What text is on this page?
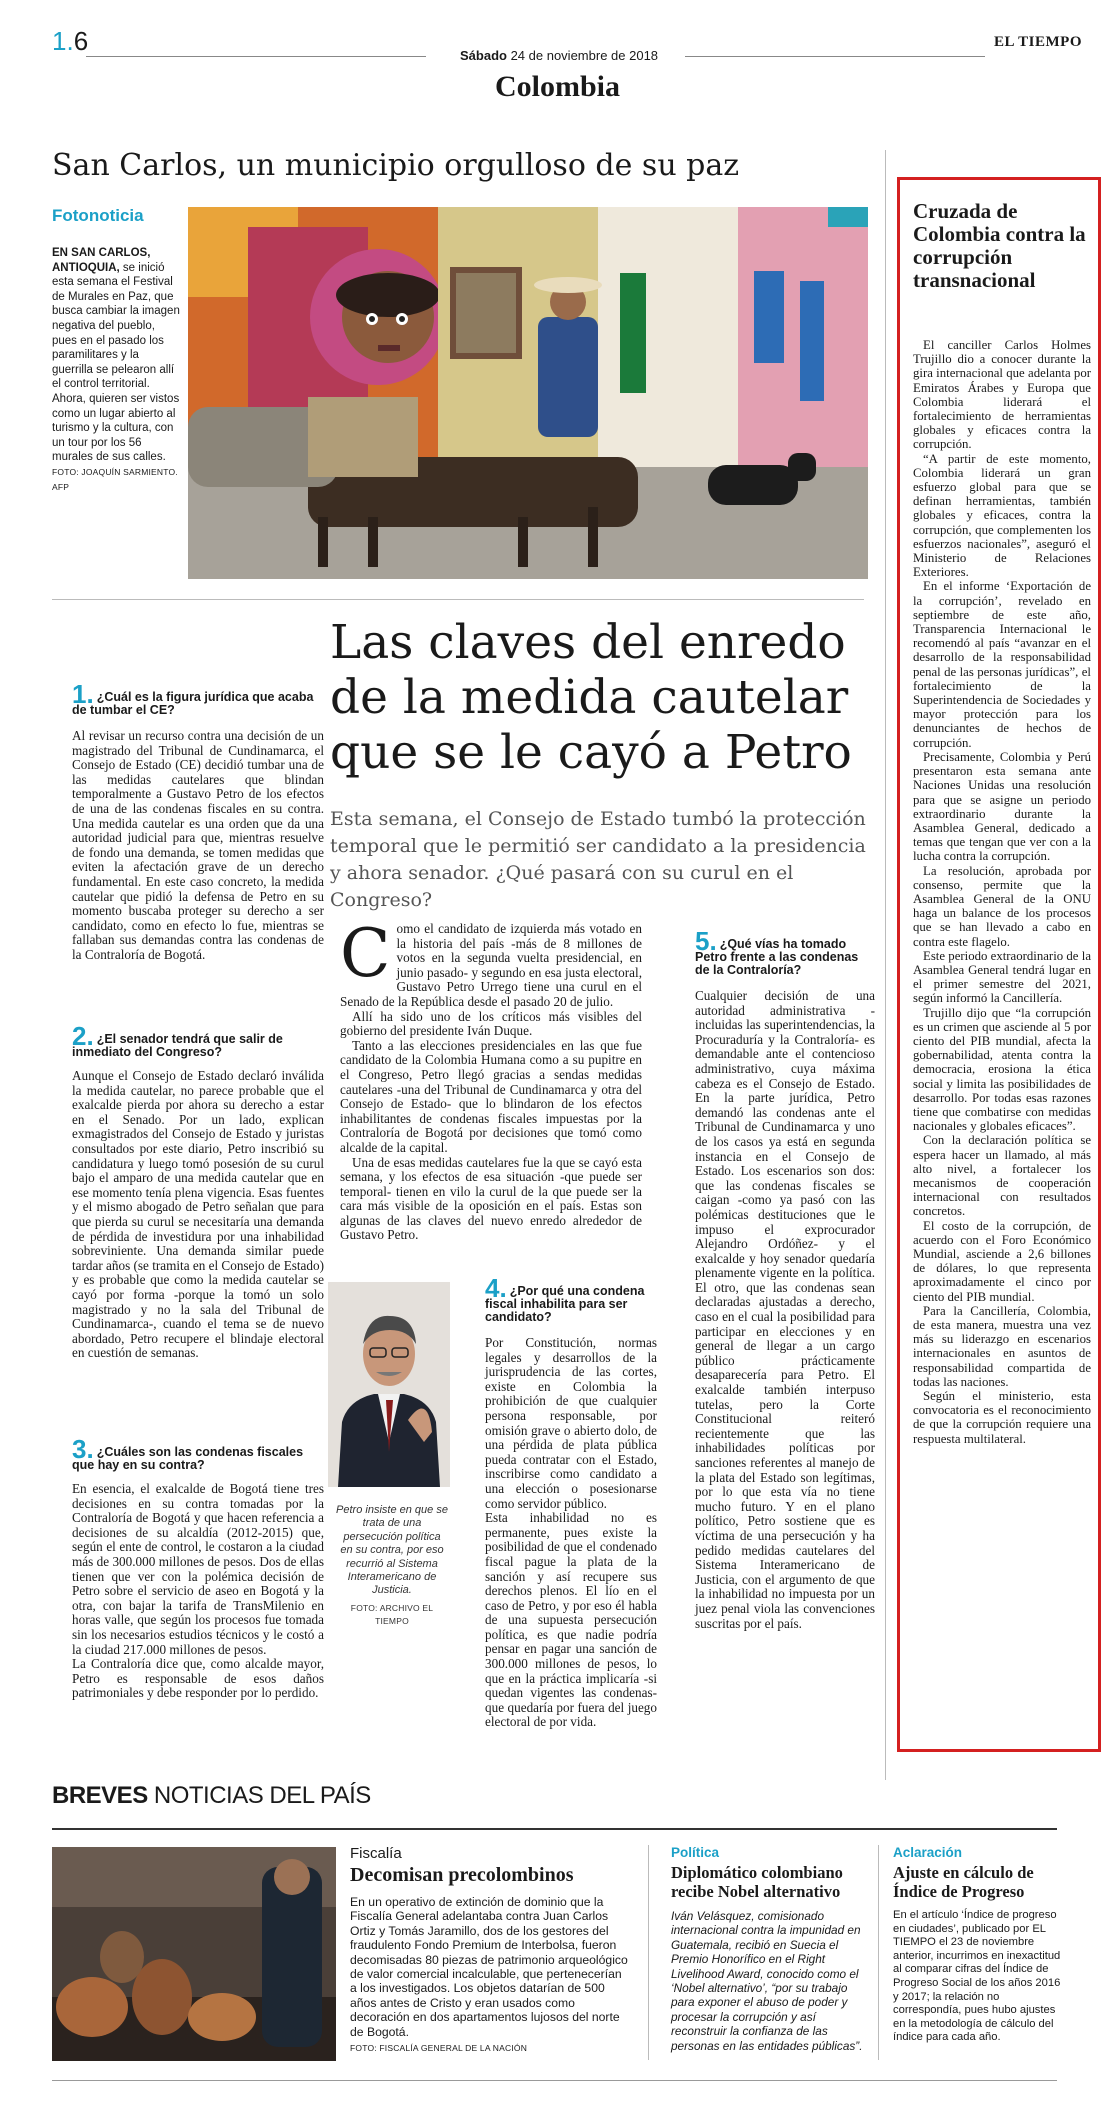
1.6	Sábado 24 de noviembre de 2018
EL TIEMPO
Colombia
San Carlos, un municipio orgulloso de su paz
Fotonoticia
EN SAN CARLOS, ANTIOQUIA, se inició esta semana el Festival de Murales en Paz, que busca cambiar la imagen negativa del pueblo, pues en el pasado los paramilitares y la guerrilla se pelearon allí el control territorial. Ahora, quieren ser vistos como un lugar abierto al turismo y la cultura, con un tour por los 56 murales de sus calles. FOTO: JOAQUÍN SARMIENTO. AFP
Las claves del enredo de la medida cautelar que se le cayó a Petro
Esta semana, el Consejo de Estado tumbó la protección temporal que le permitió ser candidato a la presidencia y ahora senador. ¿Qué pasará con su curul en el Congreso?
1. ¿Cuál es la figura jurídica que acaba de tumbar el CE?
Al revisar un recurso contra una decisión de un magistrado del Tribunal de Cundinamarca, el Consejo de Estado (CE) decidió tumbar una de las medidas cautelares que blindan temporalmente a Gustavo Petro de los efectos de una de las condenas fiscales en su contra. Una medida cautelar es una orden que da una autoridad judicial para que, mientras resuelve de fondo una demanda, se tomen medidas que eviten la afectación grave de un derecho fundamental. En este caso concreto, la medida cautelar que pidió la defensa de Petro en su momento buscaba proteger su derecho a ser candidato, como en efecto lo fue, mientras se fallaban sus demandas contra las condenas de la Contraloría de Bogotá.
2. ¿El senador tendrá que salir de inmediato del Congreso?
Aunque el Consejo de Estado declaró inválida la medida cautelar, no parece probable que el exalcalde pierda por ahora su derecho a estar en el Senado. Por un lado, explican exmagistrados del Consejo de Estado y juristas consultados por este diario, Petro inscribió su candidatura y luego tomó posesión de su curul bajo el amparo de una medida cautelar que en ese momento tenía plena vigencia. Esas fuentes y el mismo abogado de Petro señalan que para que pierda su curul se necesitaría una demanda de pérdida de investidura por una inhabilidad sobreviniente. Una demanda similar puede tardar años (se tramita en el Consejo de Estado) y es probable que como la medida cautelar se cayó por forma -porque la tomó un solo magistrado y no la sala del Tribunal de Cundinamarca-, cuando el tema se de nuevo abordado, Petro recupere el blindaje electoral en cuestión de semanas.
3. ¿Cuáles son las condenas fiscales que hay en su contra?
En esencia, el exalcalde de Bogotá tiene tres decisiones en su contra tomadas por la Contraloría de Bogotá y que hacen referencia a decisiones de su alcaldía (2012-2015) que, según el ente de control, le costaron a la ciudad más de 300.000 millones de pesos. Dos de ellas tienen que ver con la polémica decisión de Petro sobre el servicio de aseo en Bogotá y la otra, con bajar la tarifa de TransMilenio en horas valle, que según los procesos fue tomada sin los necesarios estudios técnicos y le costó a la ciudad 217.000 millones de pesos.
La Contraloría dice que, como alcalde mayor, Petro es responsable de esos daños patrimoniales y debe responder por lo perdido.
C omo el candidato de izquierda más votado en la historia del país -más de 8 millones de votos en la segunda vuelta presidencial, en junio pasado- y segundo en esa justa electoral, Gustavo Petro Urrego tiene una curul en el Senado de la República desde el pasado 20 de julio.
Allí ha sido uno de los críticos más visibles del gobierno del presidente Iván Duque.
Tanto a las elecciones presidenciales en las que fue candidato de la Colombia Humana como a su pupitre en el Congreso, Petro llegó gracias a sendas medidas cautelares -una del Tribunal de Cundinamarca y otra del Consejo de Estado- que lo blindaron de los efectos inhabilitantes de condenas fiscales impuestas por la Contraloría de Bogotá por decisiones que tomó como alcalde de la capital.
Una de esas medidas cautelares fue la que se cayó esta semana, y los efectos de esa situación -que puede ser temporal- tienen en vilo la curul de la que puede ser la cara más visible de la oposición en el país. Estas son algunas de las claves del nuevo enredo alrededor de Gustavo Petro.
Petro insiste en que se trata de una persecución política en su contra, por eso recurrió al Sistema Interamericano de Justicia.
FOTO: ARCHIVO EL TIEMPO
4. ¿Por qué una condena fiscal inhabilita para ser candidato?
Por Constitución, normas legales y desarrollos de la jurisprudencia de las cortes, existe en Colombia la prohibición de que cualquier persona responsable, por omisión grave o abierto dolo, de una pérdida de plata pública pueda contratar con el Estado, inscribirse como candidato a una elección o posesionarse como servidor público.
Esta inhabilidad no es permanente, pues existe la posibilidad de que el condenado fiscal pague la plata de la sanción y así recupere sus derechos plenos. El lío en el caso de Petro, y por eso él habla de una supuesta persecución política, es que nadie podría pensar en pagar una sanción de 300.000 millones de pesos, lo que en la práctica implicaría -si quedan vigentes las condenas- que quedaría por fuera del juego electoral de por vida.
5. ¿Qué vías ha tomado Petro frente a las condenas de la Contraloría?
Cualquier decisión de una autoridad administrativa -incluidas las superintendencias, la Procuraduría y la Contraloría- es demandable ante el contencioso administrativo, cuya máxima cabeza es el Consejo de Estado. En la parte jurídica, Petro demandó las condenas ante el Tribunal de Cundinamarca y uno de los casos ya está en segunda instancia en el Consejo de Estado. Los escenarios son dos: que las condenas fiscales se caigan -como ya pasó con las polémicas destituciones que le impuso el exprocurador Alejandro Ordóñez- y el exalcalde y hoy senador quedaría plenamente vigente en la política. El otro, que las condenas sean declaradas ajustadas a derecho, caso en el cual la posibilidad para participar en elecciones y en general de llegar a un cargo público prácticamente desaparecería para Petro. El exalcalde también interpuso tutelas, pero la Corte Constitucional reiteró recientemente que las inhabilidades políticas por sanciones referentes al manejo de la plata del Estado son legítimas, por lo que esta vía no tiene mucho futuro. Y en el plano político, Petro sostiene que es víctima de una persecución y ha pedido medidas cautelares del Sistema Interamericano de Justicia, con el argumento de que la inhabilidad no impuesta por un juez penal viola las convenciones suscritas por el país.
Cruzada de Colombia contra la corrupción transnacional
El canciller Carlos Holmes Trujillo dio a conocer durante la gira internacional que adelanta por Emiratos Árabes y Europa que Colombia liderará el fortalecimiento de herramientas globales y eficaces contra la corrupción.
“A partir de este momento, Colombia liderará un gran esfuerzo global para que se definan herramientas, también globales y eficaces, contra la corrupción, que complementen los esfuerzos nacionales”, aseguró el Ministerio de Relaciones Exteriores.
En el informe ‘Exportación de la corrupción’, revelado en septiembre de este año, Transparencia Internacional le recomendó al país “avanzar en el desarrollo de la responsabilidad penal de las personas jurídicas”, el fortalecimiento de la Superintendencia de Sociedades y mayor protección para los denunciantes de hechos de corrupción.
Precisamente, Colombia y Perú presentaron esta semana ante Naciones Unidas una resolución para que se asigne un periodo extraordinario durante la Asamblea General, dedicado a temas que tengan que ver con a la lucha contra la corrupción.
La resolución, aprobada por consenso, permite que la Asamblea General de la ONU haga un balance de los procesos que se han llevado a cabo en contra este flagelo.
Este periodo extraordinario de la Asamblea General tendrá lugar en el primer semestre del 2021, según informó la Cancillería.
Trujillo dijo que “la corrupción es un crimen que asciende al 5 por ciento del PIB mundial, afecta la gobernabilidad, atenta contra la democracia, erosiona la ética social y limita las posibilidades de desarrollo. Por todas esas razones tiene que combatirse con medidas nacionales y globales eficaces”.
Con la declaración política se espera hacer un llamado, al más alto nivel, a fortalecer los mecanismos de cooperación internacional con resultados concretos.
El costo de la corrupción, de acuerdo con el Foro Económico Mundial, asciende a 2,6 billones de dólares, lo que representa aproximadamente el cinco por ciento del PIB mundial.
Para la Cancillería, Colombia, de esta manera, muestra una vez más su liderazgo en escenarios internacionales en asuntos de responsabilidad compartida de todas las naciones.
Según el ministerio, esta convocatoria es el reconocimiento de que la corrupción requiere una respuesta multilateral.
BREVES NOTICIAS DEL PAÍS
Fiscalía
Decomisan precolombinos
En un operativo de extinción de dominio que la Fiscalía General adelantaba contra Juan Carlos Ortiz y Tomás Jaramillo, dos de los gestores del fraudulento Fondo Premium de Interbolsa, fueron decomisadas 80 piezas de patrimonio arqueológico de valor comercial incalculable, que pertenecerían a los investigados. Los objetos datarían de 500 años antes de Cristo y eran usados como decoración en dos apartamentos lujosos del norte de Bogotá.
FOTO: FISCALÍA GENERAL DE LA NACIÓN
Política
Diplomático colombiano recibe Nobel alternativo
Iván Velásquez, comisionado internacional contra la impunidad en Guatemala, recibió en Suecia el Premio Honorífico en el Right Livelihood Award, conocido como el ‘Nobel alternativo’, “por su trabajo para exponer el abuso de poder y procesar la corrupción y así reconstruir la confianza de las personas en las entidades públicas”.
Aclaración
Ajuste en cálculo de Índice de Progreso
En el artículo ‘Índice de progreso en ciudades’, publicado por EL TIEMPO el 23 de noviembre anterior, incurrimos en inexactitud al comparar cifras del Índice de Progreso Social de los años 2016 y 2017; la relación no correspondía, pues hubo ajustes en la metodología de cálculo del índice para cada año.
